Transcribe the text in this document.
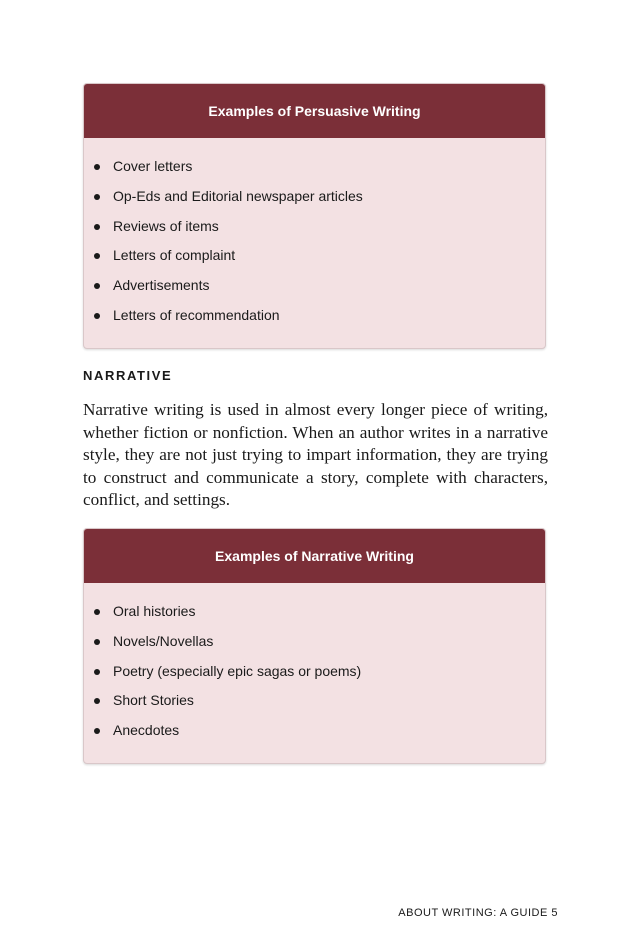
Examples of Persuasive Writing
Cover letters
Op-Eds and Editorial newspaper articles
Reviews of items
Letters of complaint
Advertisements
Letters of recommendation
NARRATIVE

Narrative writing is used in almost every longer piece of writing, whether fiction or nonfiction. When an author writes in a narrative style, they are not just trying to impart information, they are trying to construct and communicate a story, complete with characters, conflict, and settings.

Examples of Narrative Writing
Oral histories
Novels/Novellas
Poetry (especially epic sagas or poems)
Short Stories
Anecdotes
ABOUT WRITING: A GUIDE 5
